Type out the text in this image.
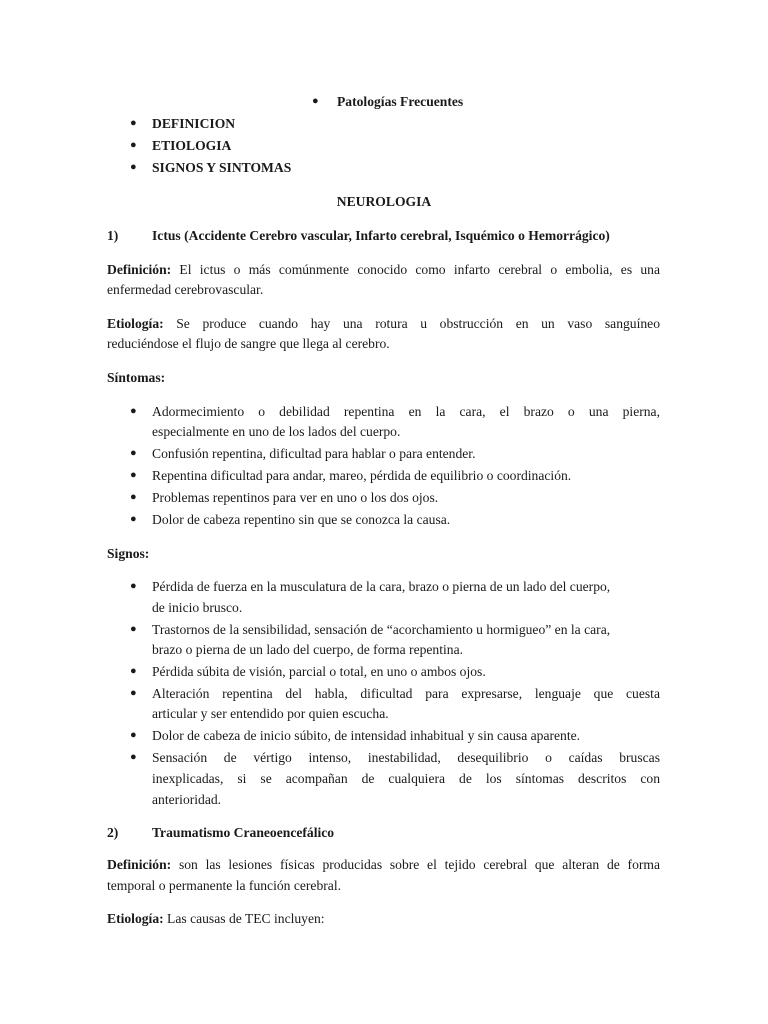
● Patologías Frecuentes
● DEFINICION
● ETIOLOGIA
● SIGNOS Y SINTOMAS
NEUROLOGIA
1) Ictus (Accidente Cerebro vascular, Infarto cerebral, Isquémico o Hemorrágico)
Definición: El ictus o más comúnmente conocido como infarto cerebral o embolia, es una
enfermedad cerebrovascular.
Etiología: Se produce cuando hay una rotura u obstrucción en un vaso sanguíneo
reduciéndose el flujo de sangre que llega al cerebro.
Síntomas:
● Adormecimiento o debilidad repentina en la cara, el brazo o una pierna,
especialmente en uno de los lados del cuerpo.
● Confusión repentina, dificultad para hablar o para entender.
● Repentina dificultad para andar, mareo, pérdida de equilibrio o coordinación.
● Problemas repentinos para ver en uno o los dos ojos.
● Dolor de cabeza repentino sin que se conozca la causa.
Signos:
● Pérdida de fuerza en la musculatura de la cara, brazo o pierna de un lado del cuerpo,
de inicio brusco.
● Trastornos de la sensibilidad, sensación de “acorchamiento u hormigueo” en la cara,
brazo o pierna de un lado del cuerpo, de forma repentina.
● Pérdida súbita de visión, parcial o total, en uno o ambos ojos.
● Alteración repentina del habla, dificultad para expresarse, lenguaje que cuesta
articular y ser entendido por quien escucha.
● Dolor de cabeza de inicio súbito, de intensidad inhabitual y sin causa aparente.
● Sensación de vértigo intenso, inestabilidad, desequilibrio o caídas bruscas
inexplicadas, si se acompañan de cualquiera de los síntomas descritos con
anterioridad.
2) Traumatismo Craneoencefálico
Definición: son las lesiones físicas producidas sobre el tejido cerebral que alteran de forma
temporal o permanente la función cerebral.
Etiología: Las causas de TEC incluyen:
